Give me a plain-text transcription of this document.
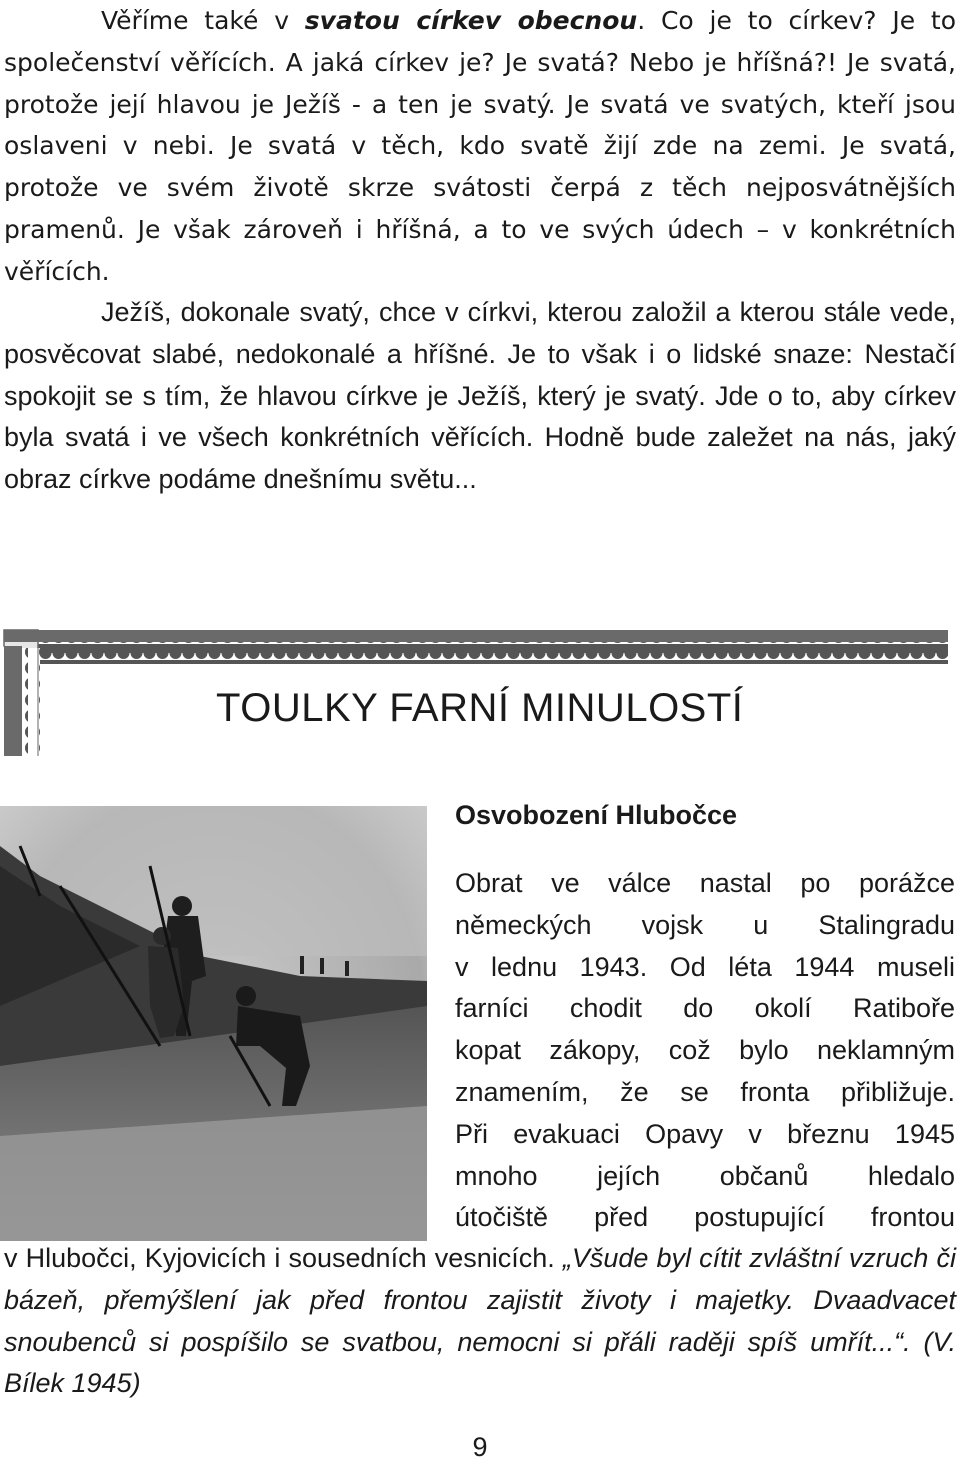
Věříme také v svatou církev obecnou. Co je to církev? Je to společenství věřících. A jaká církev je? Je svatá? Nebo je hříšná?! Je svatá, protože její hlavou je Ježíš - a ten je svatý. Je svatá ve svatých, kteří jsou oslaveni v nebi. Je svatá v těch, kdo svatě žijí zde na zemi. Je svatá, protože ve svém životě skrze svátosti čerpá z těch nejposvátnějších pramenů. Je však zároveň i hříšná, a to ve svých údech – v konkrétních věřících.

Ježíš, dokonale svatý, chce v církvi, kterou založil a kterou stále vede, posvěcovat slabé, nedokonalé a hříšné. Je to však i o lidské snaze: Nestačí spokojit se s tím, že hlavou církve je Ježíš, který je svatý. Jde o to, aby církev byla svatá i ve všech konkrétních věřících. Hodně bude zaležet na nás, jaký obraz církve podáme dnešnímu světu...

TOULKY FARNÍ MINULOSTÍ
Osvobození Hlubočce

Obrat ve válce nastal po porážce
německých vojsk u Stalingradu
v lednu 1943. Od léta 1944 museli
farníci chodit do okolí Ratiboře
kopat zákopy, což bylo neklamným
znamením, že se fronta přibližuje.
Při evakuaci Opavy v březnu 1945
mnoho jejích občanů hledalo
útočiště před postupující frontou

v Hlubočci, Kyjovicích i sousedních vesnicích. „Všude byl cítit zvláštní vzruch či bázeň, přemýšlení jak před frontou zajistit životy i majetky. Dvaadvacet snoubenců si pospíšilo se svatbou, nemocni si přáli raději spíš umřít...“. (V. Bílek 1945)

9
